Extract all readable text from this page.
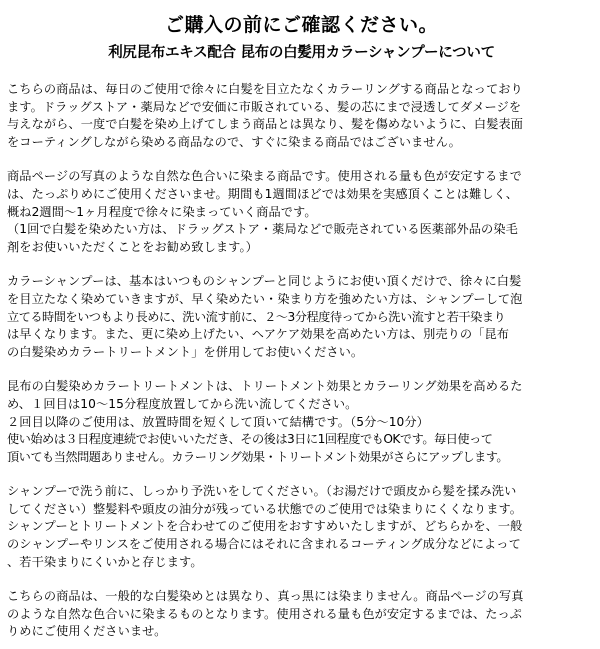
ご購入の前にご確認ください。
利尻昆布エキス配合 昆布の白髪用カラーシャンプーについて

こちらの商品は、毎日のご使用で徐々に白髪を目立たなくカラーリングする商品となっており
ます。ドラッグストア・薬局などで安価に市販されている、髪の芯にまで浸透してダメージを
与えながら、一度で白髪を染め上げてしまう商品とは異なり、髪を傷めないように、白髪表面
をコーティングしながら染める商品なので、すぐに染まる商品ではございません。

商品ページの写真のような自然な色合いに染まる商品です。使用される量も色が安定するまで
は、たっぷりめにご使用くださいませ。期間も1週間ほどでは効果を実感頂くことは難しく、
概ね2週間～1ヶ月程度で徐々に染まっていく商品です。
（1回で白髪を染めたい方は、ドラッグストア・薬局などで販売されている医薬部外品の染毛
剤をお使いいただくことをお勧め致します。）

カラーシャンプーは、基本はいつものシャンプーと同じようにお使い頂くだけで、徐々に白髪
を目立たなく染めていきますが、早く染めたい・染まり方を強めたい方は、シャンプーして泡
立てる時間をいつもより長めに、洗い流す前に、２～3分程度待ってから洗い流すと若干染まり
は早くなります。また、更に染め上げたい、ヘアケア効果を高めたい方は、別売りの「昆布
の白髪染めカラートリートメント」を併用してお使いください。

昆布の白髪染めカラートリートメントは、トリートメント効果とカラーリング効果を高めるた
め、１回目は10～15分程度放置してから洗い流してください。
２回目以降のご使用は、放置時間を短くして頂いて結構です。（5分～10分）
使い始めは３日程度連続でお使いいただき、その後は3日に1回程度でもOKです。毎日使って
頂いても当然問題ありません。カラーリング効果・トリートメント効果がさらにアップします。

シャンプーで洗う前に、しっかり予洗いをしてください。（お湯だけで頭皮から髪を揉み洗い
してください）整髪料や頭皮の油分が残っている状態でのご使用では染まりにくくなります。
シャンプーとトリートメントを合わせてのご使用をおすすめいたしますが、どちらかを、一般
のシャンプーやリンスをご使用される場合にはそれに含まれるコーティング成分などによって
、若干染まりにくいかと存じます。

こちらの商品は、一般的な白髪染めとは異なり、真っ黒には染まりません。商品ページの写真
のような自然な色合いに染まるものとなります。使用される量も色が安定するまでは、たっぷ
りめにご使用くださいませ。
